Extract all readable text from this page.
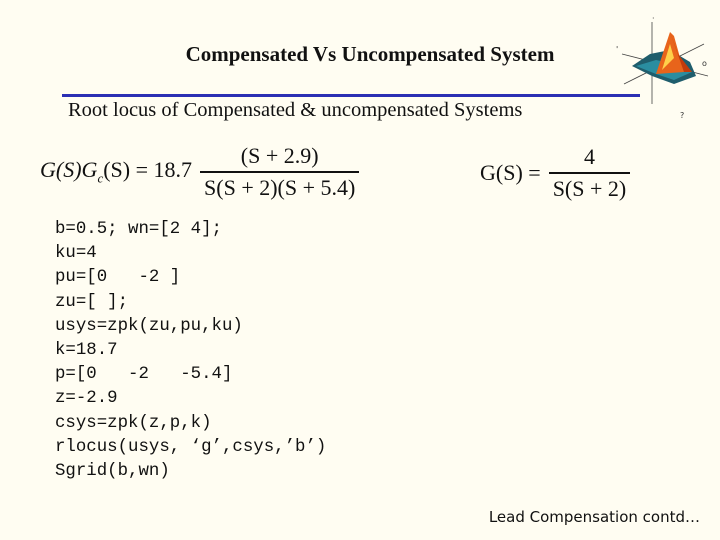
Compensated Vs Uncompensated System	'
o
·
?
Root locus of Compensated & uncompensated Systems
$G(S)G_c(S) = 18.7 \frac{(S + 2.9)}{S(S + 2)(S + 5.4)}$	$G(S) = \frac{4}{S(S + 2)}$
b=0.5; wn=[2 4];
ku=4
pu=[0   -2 ]
zu=[ ];
usys=zpk(zu,pu,ku)
k=18.7
p=[0   -2   -5.4]
z=-2.9
csys=zpk(z,p,k)
rlocus(usys, ‘g’,csys,’b’)
Sgrid(b,wn)
Lead Compensation contd…
